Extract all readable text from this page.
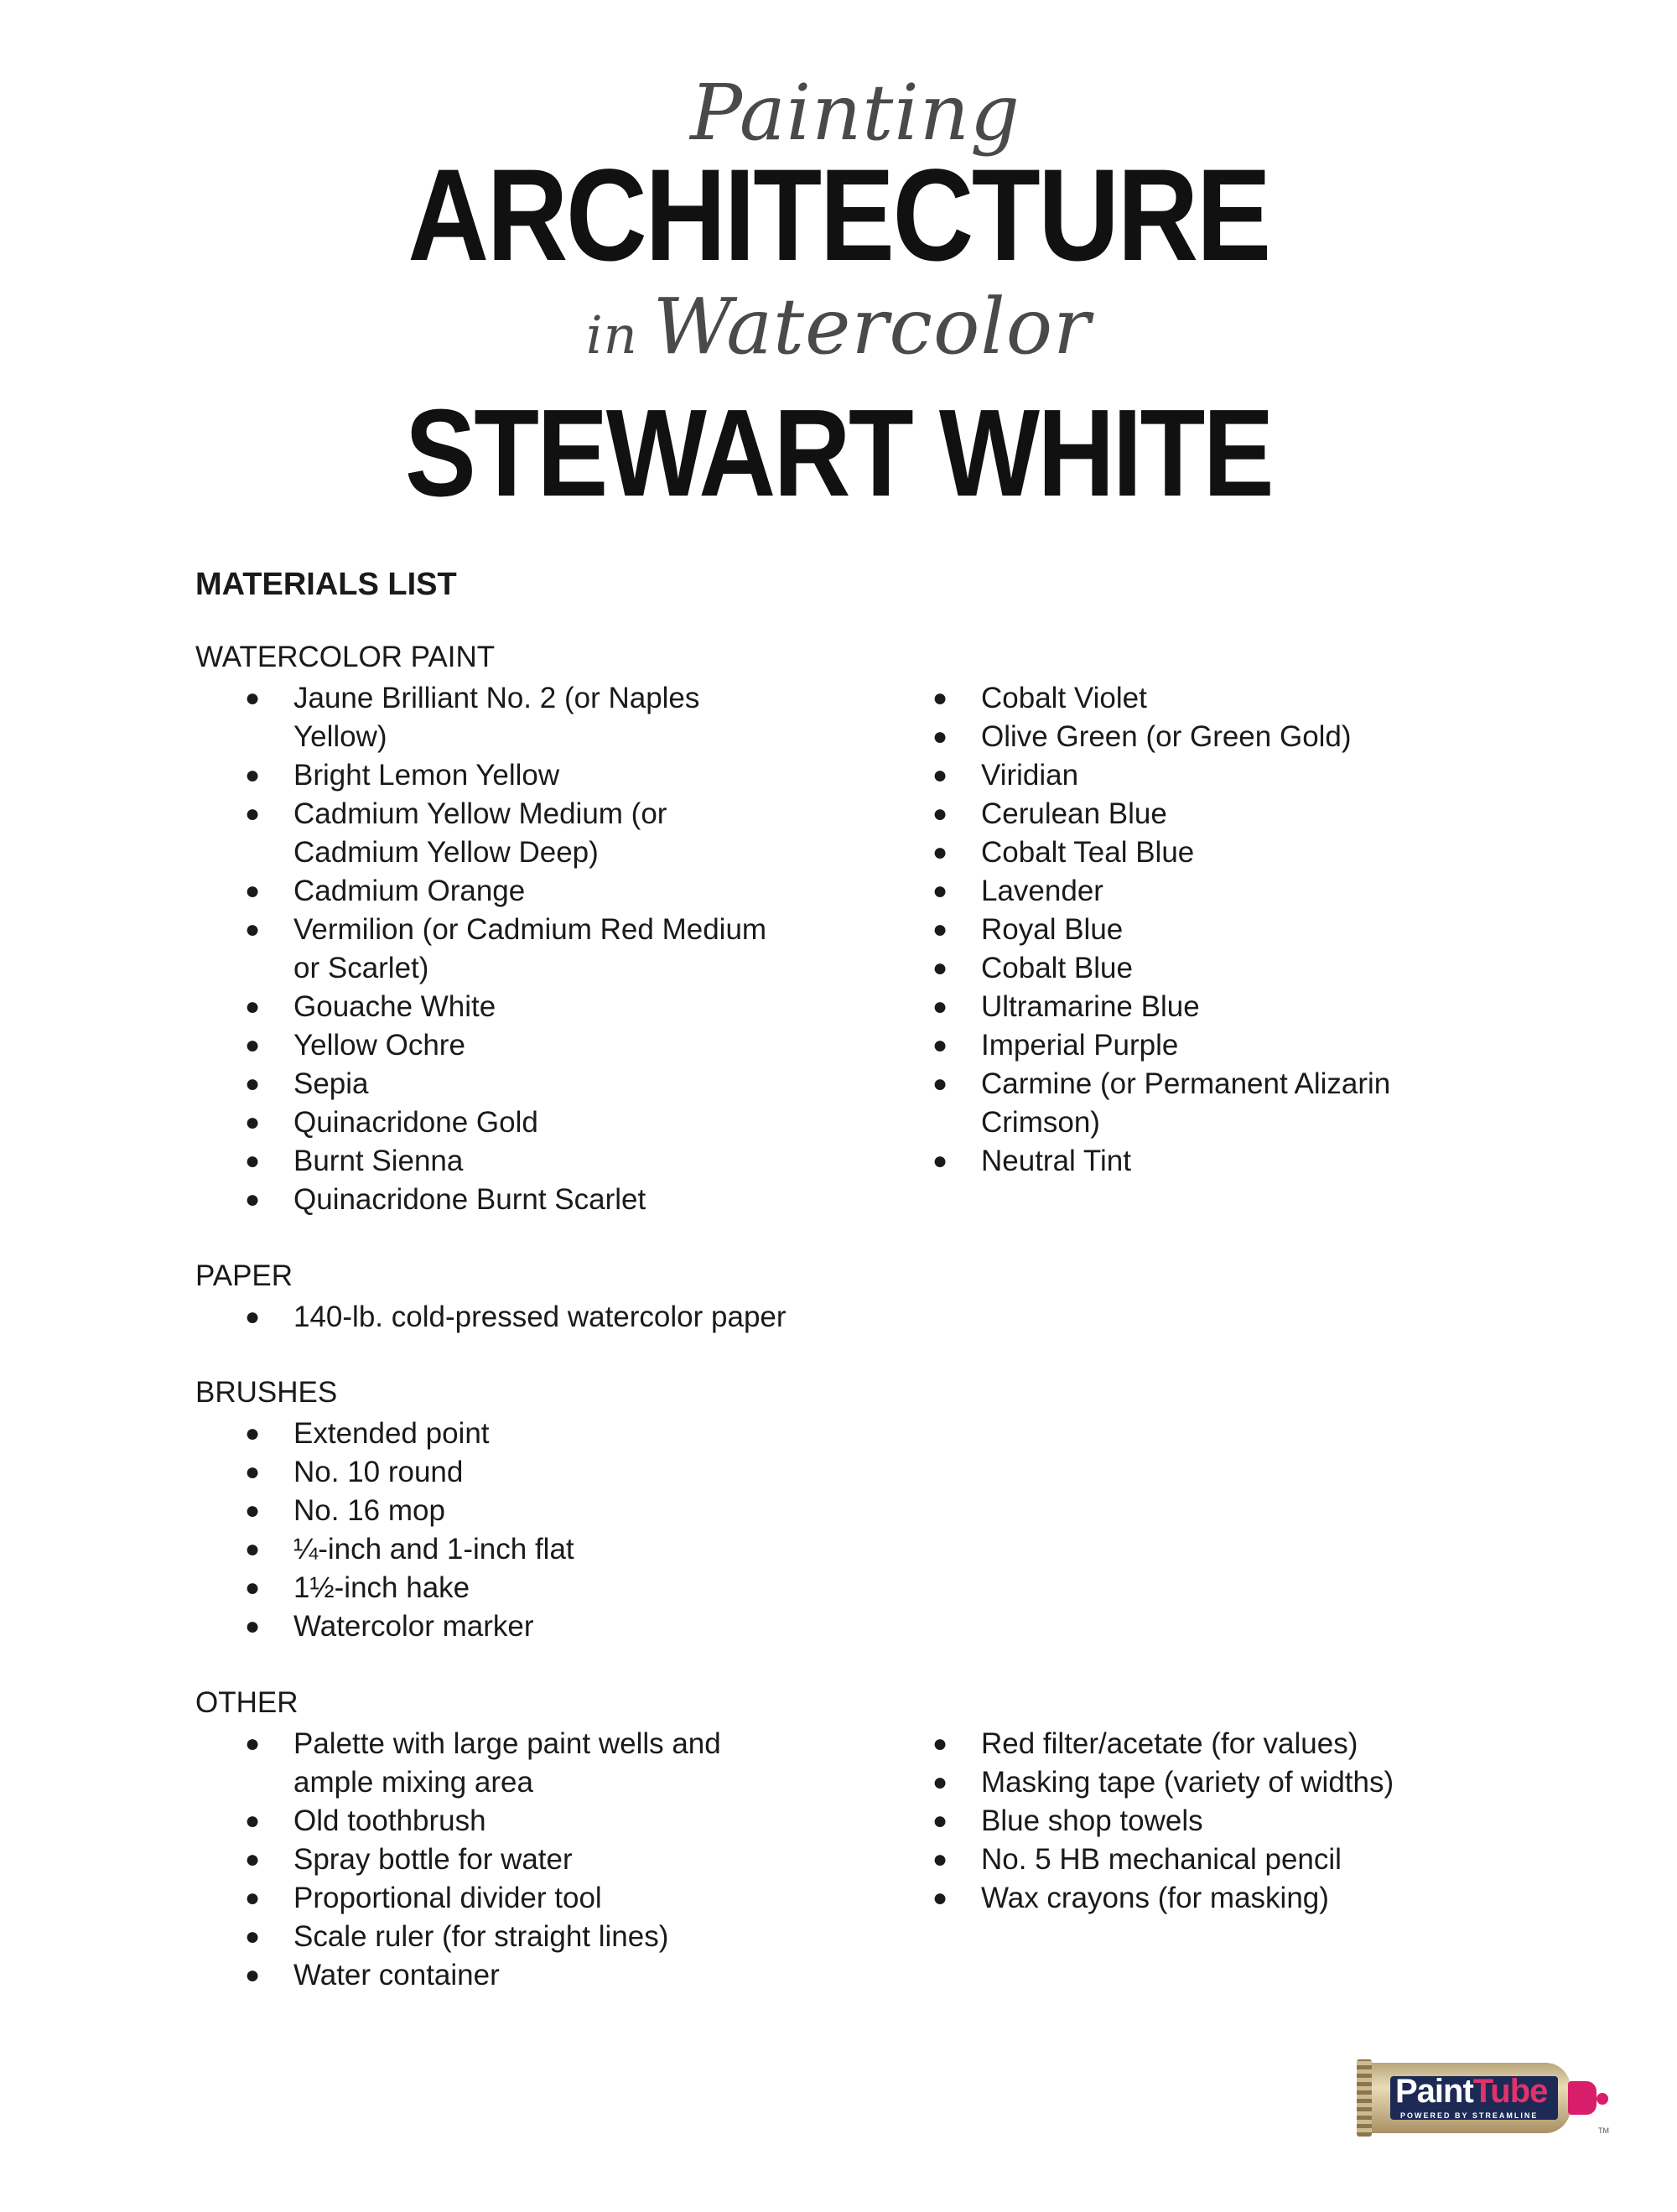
Painting
ARCHITECTURE
in Watercolor
STEWART WHITE
MATERIALS LIST
WATERCOLOR PAINT
●	Jaune Brilliant No. 2 (or Naples
Yellow)
●	Bright Lemon Yellow
●	Cadmium Yellow Medium (or
Cadmium Yellow Deep)
●	Cadmium Orange
●	Vermilion (or Cadmium Red Medium
or Scarlet)
●	Gouache White
●	Yellow Ochre
●	Sepia
●	Quinacridone Gold
●	Burnt Sienna
●	Quinacridone Burnt Scarlet
●	Cobalt Violet
●	Olive Green (or Green Gold)
●	Viridian
●	Cerulean Blue
●	Cobalt Teal Blue
●	Lavender
●	Royal Blue
●	Cobalt Blue
●	Ultramarine Blue
●	Imperial Purple
●	Carmine (or Permanent Alizarin
Crimson)
●	Neutral Tint
PAPER
●	140-lb. cold-pressed watercolor paper
BRUSHES
●	Extended point
●	No. 10 round
●	No. 16 mop
●	¼-inch and 1-inch flat
●	1½-inch hake
●	Watercolor marker
OTHER
●	Palette with large paint wells and
ample mixing area
●	Old toothbrush
●	Spray bottle for water
●	Proportional divider tool
●	Scale ruler (for straight lines)
●	Water container
●	Red filter/acetate (for values)
●	Masking tape (variety of widths)
●	Blue shop towels
●	No. 5 HB mechanical pencil
●	Wax crayons (for masking)
PaintTube
POWERED BY STREAMLINE
TM
